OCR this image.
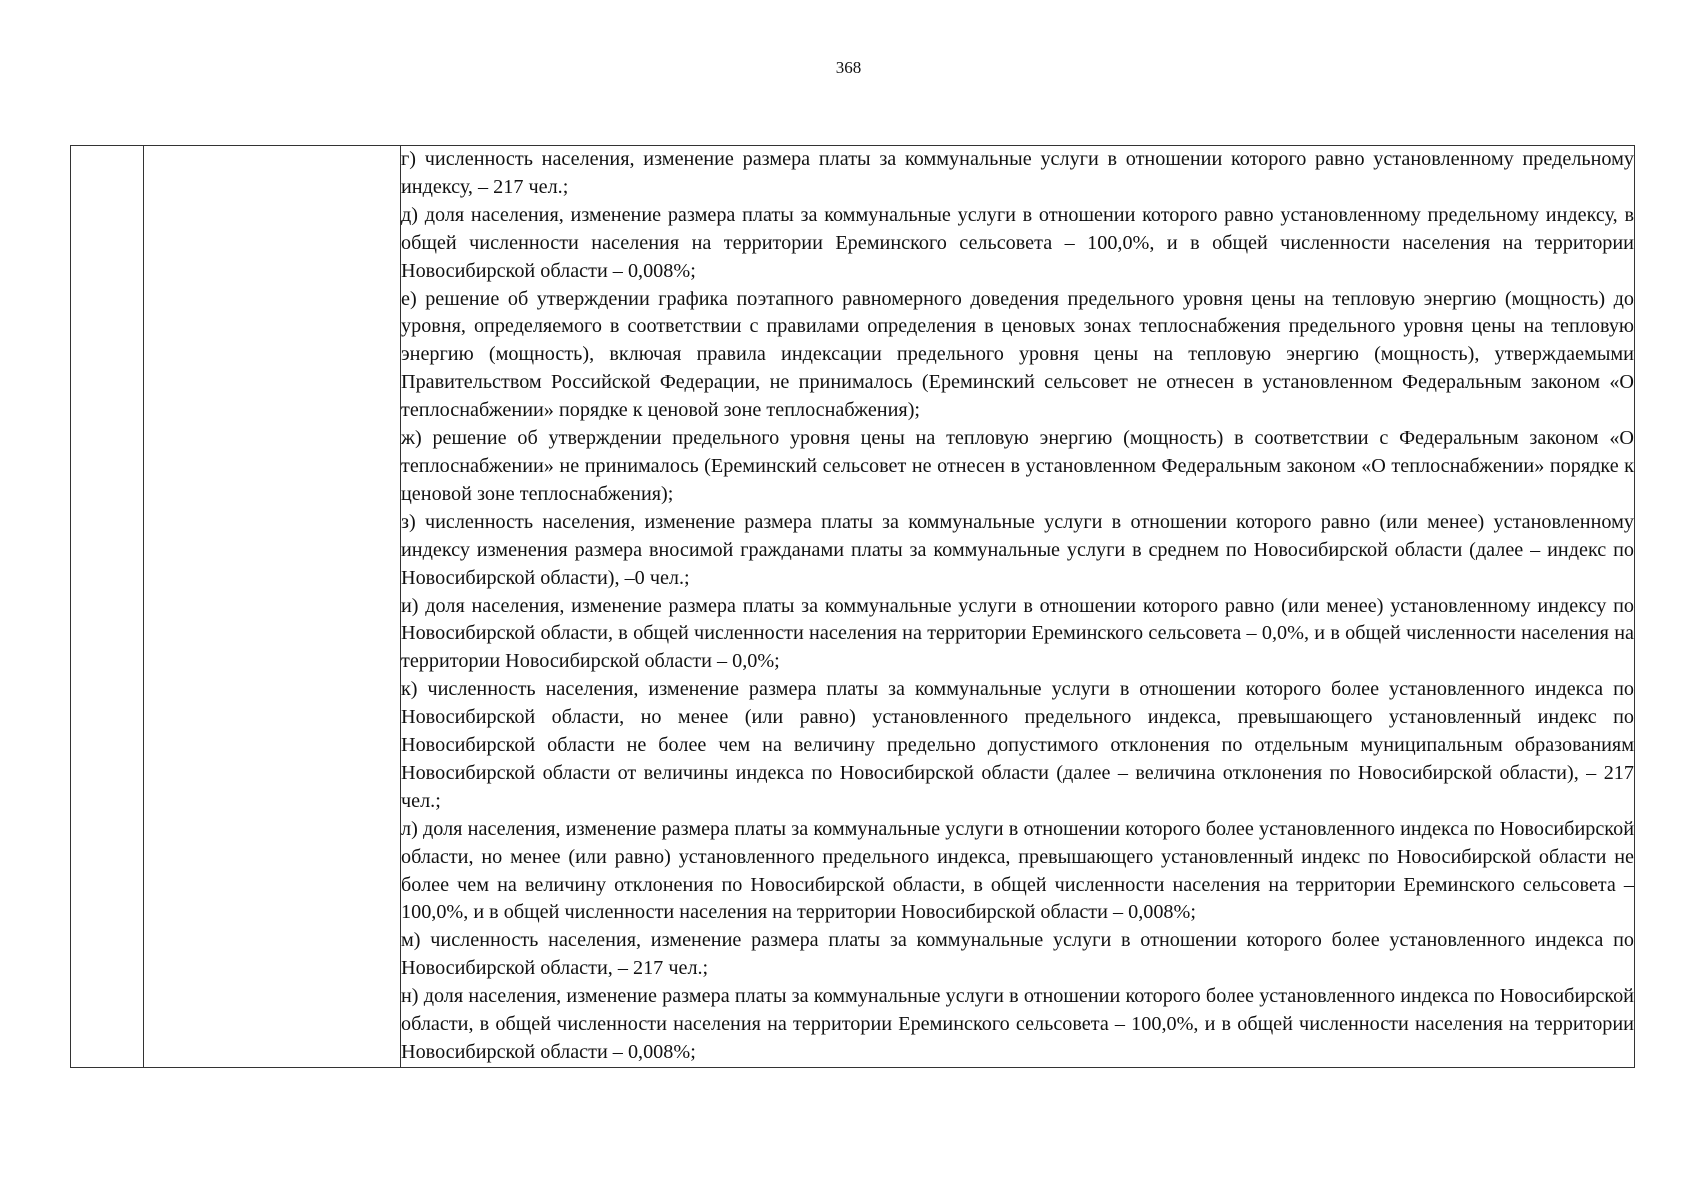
368

г) численность населения, изменение размера платы за коммунальные услуги в отношении которого равно установленному предельному индексу, – 217 чел.;

д) доля населения, изменение размера платы за коммунальные услуги в отношении которого равно установленному предельному индексу, в общей численности населения на территории Ереминского сельсовета – 100,0%, и в общей численности населения на территории Новосибирской области – 0,008%;

е) решение об утверждении графика поэтапного равномерного доведения предельного уровня цены на тепловую энергию (мощность) до уровня, определяемого в соответствии с правилами определения в ценовых зонах теплоснабжения предельного уровня цены на тепловую энергию (мощность), включая правила индексации предельного уровня цены на тепловую энергию (мощность), утверждаемыми Правительством Российской Федерации, не принималось (Ереминский сельсовет не отнесен в установленном Федеральным законом «О теплоснабжении» порядке к ценовой зоне теплоснабжения);

ж) решение об утверждении предельного уровня цены на тепловую энергию (мощность) в соответствии с Федеральным законом «О теплоснабжении» не принималось (Ереминский сельсовет не отнесен в установленном Федеральным законом «О теплоснабжении» порядке к ценовой зоне теплоснабжения);

з) численность населения, изменение размера платы за коммунальные услуги в отношении которого равно (или менее) установленному индексу изменения размера вносимой гражданами платы за коммунальные услуги в среднем по Новосибирской области (далее – индекс по Новосибирской области), –0 чел.;

и) доля населения, изменение размера платы за коммунальные услуги в отношении которого равно (или менее) установленному индексу по Новосибирской области, в общей численности населения на территории Ереминского сельсовета – 0,0%, и в общей численности населения на территории Новосибирской области – 0,0%;

к) численность населения, изменение размера платы за коммунальные услуги в отношении которого более установленного индекса по Новосибирской области, но менее (или равно) установленного предельного индекса, превышающего установленный индекс по Новосибирской области не более чем на величину предельно допустимого отклонения по отдельным муниципальным образованиям Новосибирской области от величины индекса по Новосибирской области (далее – величина отклонения по Новосибирской области), – 217 чел.;

л) доля населения, изменение размера платы за коммунальные услуги в отношении которого более установленного индекса по Новосибирской области, но менее (или равно) установленного предельного индекса, превышающего установленный индекс по Новосибирской области не более чем на величину отклонения по Новосибирской области, в общей численности населения на территории Ереминского сельсовета – 100,0%, и в общей численности населения на территории Новосибирской области – 0,008%;

м) численность населения, изменение размера платы за коммунальные услуги в отношении которого более установленного индекса по Новосибирской области, – 217 чел.;

н) доля населения, изменение размера платы за коммунальные услуги в отношении которого более установленного индекса по Новосибирской области, в общей численности населения на территории Ереминского сельсовета – 100,0%, и в общей численности населения на территории Новосибирской области – 0,008%;
